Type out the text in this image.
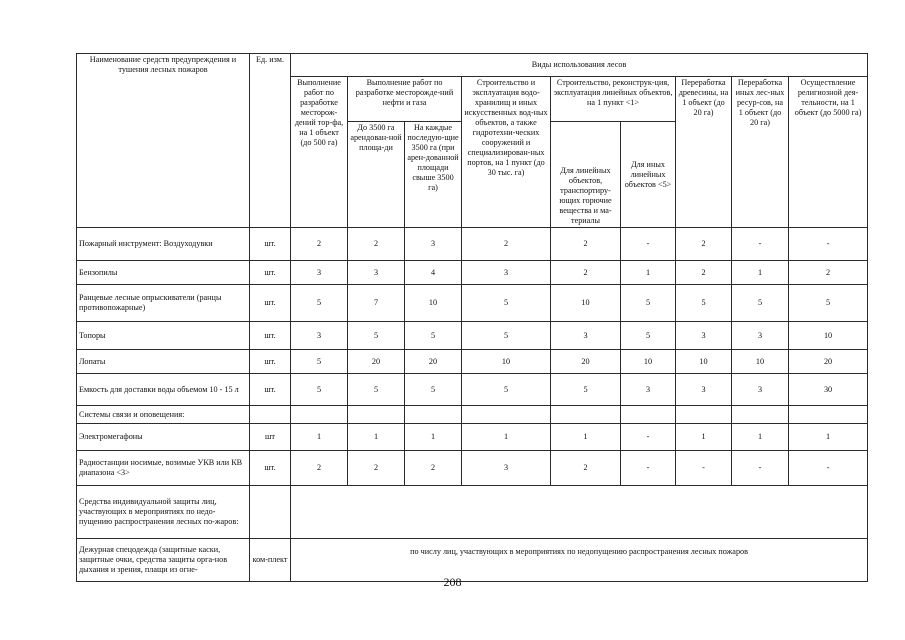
Наименование средств предупреждения и тушения лесных пожаров	Ед. изм.	Виды использования лесов								
		Выполнение работ по разработке месторож-дений тор-фа, на 1 объект (до 500 га)	Выполнение работ по разработке месторожде-ний нефти и газа		Строительство и эксплуатация водо-хранилищ и иных искусственных вод-ных объектов, а также гидротехни-ческих сооружений и специализирован-ных портов, на 1 пункт (до 30 тыс. га)	Строительство, реконструк-ция, эксплуатация линейных объектов, на 1 пункт <1>		Переработка древесины, на 1 объект (до 20 га)	Переработка иных лес-ных ресур-сов, на 1 объект (до 20 га)	Осуществление религиозной дея-тельности, на 1 объект (до 5000 га)
			До 3500 га арендован-ной площа-ди	На каждые последую-щие 3500 га (при арен-дованной площади свыше 3500 га)		Для линейных объектов, транспортиру-ющих горючие вещества и ма-териалы	Для иных линейных объектов <5>			
Пожарный инструмент: Воздуходувки	шт.	2	2	3	2	2	-	2	-	-
Бензопилы	шт.	3	3	4	3	2	1	2	1	2
Ранцевые лесные опрыскиватели (ранцы противопожарные)	шт.	5	7	10	5	10	5	5	5	5
Топоры	шт.	3	5	5	5	3	5	3	3	10
Лопаты	шт.	5	20	20	10	20	10	10	10	20
Емкость для доставки воды объемом 10 - 15 л	шт.	5	5	5	5	5	3	3	3	30
Системы связи и оповещения:										
Электромегафоны	шт	1	1	1	1	1	-	1	1	1
Радиостанции носимые, возимые УКВ или КВ диапазона <3>	шт.	2	2	2	3	2	-	-	-	-
Средства индивидуальной защиты лиц, участвующих в мероприятиях по недо-пущению распространения лесных по-жаров:										
Дежурная спецодежда (защитные каски, защитные очки, средства защиты орга-нов дыхания и зрения, плащи из огне-	ком-плект	по числу лиц, участвующих в мероприятиях по недопущению распространения лесных пожаров								
208
